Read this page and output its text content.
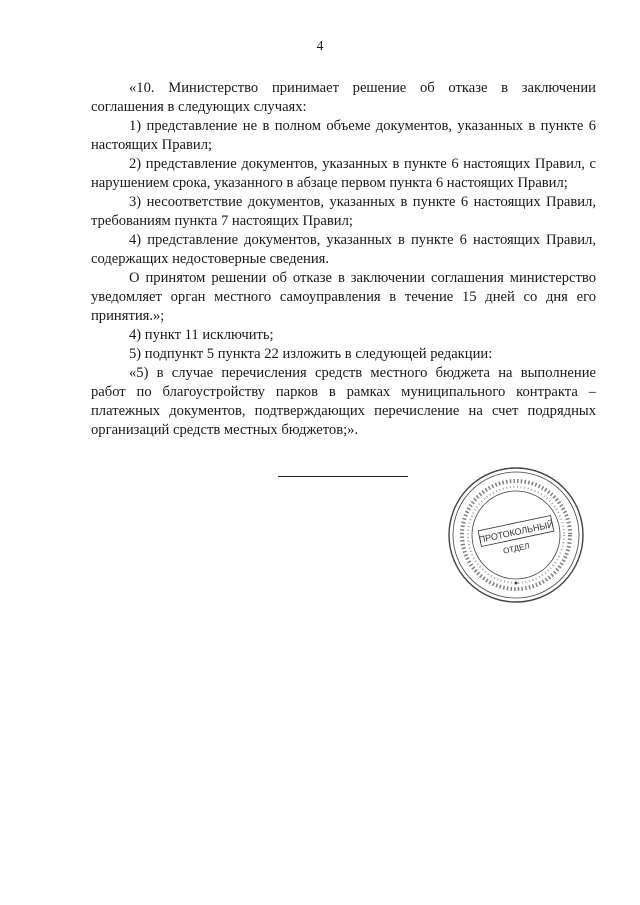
4

«10. Министерство принимает решение об отказе в заключении соглашения в следующих случаях:

1) представление не в полном объеме документов, указанных в пункте 6 настоящих Правил;

2) представление документов, указанных в пункте 6 настоящих Правил, с нарушением срока, указанного в абзаце первом пункта 6 настоящих Правил;

3) несоответствие документов, указанных в пункте 6 настоящих Правил, требованиям пункта 7 настоящих Правил;

4) представление документов, указанных в пункте 6 настоящих Правил, содержащих недостоверные сведения.

О принятом решении об отказе в заключении соглашения министерство уведомляет орган местного самоуправления в течение 15 дней со дня его принятия.»;

4) пункт 11 исключить;

5) подпункт 5 пункта 22 изложить в следующей редакции:

«5) в случае перечисления средств местного бюджета на выполнение работ по благоустройству парков в рамках муниципального контракта – платежных документов, подтверждающих перечисление на счет подрядных организаций средств местных бюджетов;».

ПРОТОКОЛЬНЫЙ
ОТДЕЛ
